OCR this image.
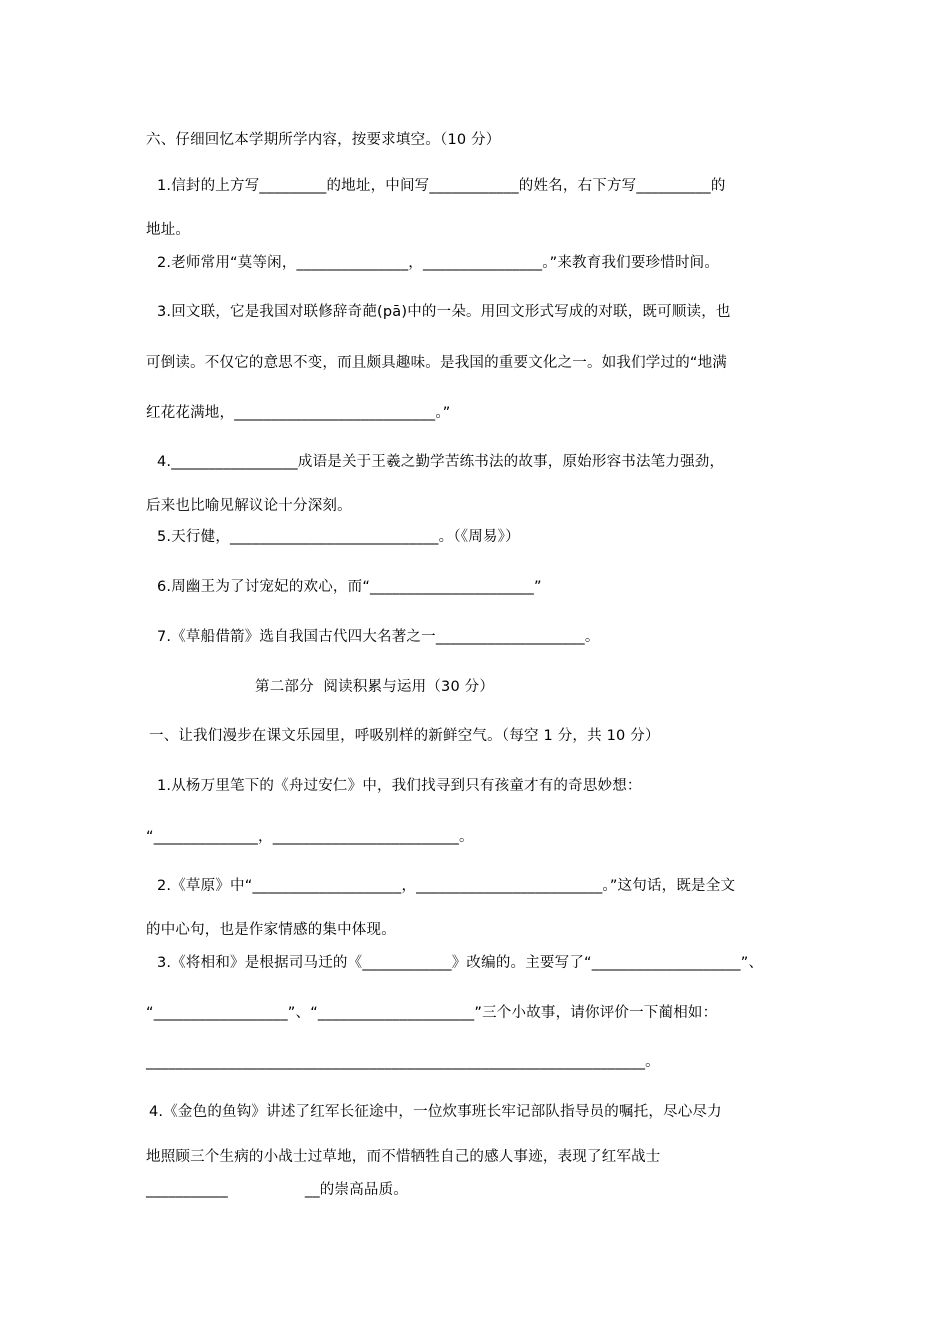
六、仔细回忆本学期所学内容，按要求填空。（10 分）
1.信封的上方写_________的地址，中间写____________的姓名，右下方写__________的
地址。
2.老师常用“莫等闲，_______________，________________。”来教育我们要珍惜时间。
3.回文联，它是我国对联修辞奇葩(pā)中的一朵。用回文形式写成的对联，既可顺读，也
可倒读。不仅它的意思不变，而且颇具趣味。是我国的重要文化之一。如我们学过的“地满
红花花满地，___________________________。”
4._________________成语是关于王羲之勤学苦练书法的故事，原始形容书法笔力强劲，
后来也比喻见解议论十分深刻。
5.天行健，____________________________。（《周易》）
6.周幽王为了讨宠妃的欢心，而“______________________”
7.《草船借箭》选自我国古代四大名著之一____________________。
第二部分  阅读积累与运用（30 分）
一、让我们漫步在课文乐园里，呼吸别样的新鲜空气。（每空 1 分，共 10 分）
1.从杨万里笔下的《舟过安仁》中，我们找寻到只有孩童才有的奇思妙想：
“______________，_________________________。
2.《草原》中“____________________，_________________________。”这句话，既是全文
的中心句，也是作家情感的集中体现。
3.《将相和》是根据司马迁的《____________》改编的。主要写了“____________________”、
“__________________”、“_____________________”三个小故事，请你评价一下蔺相如：
___________________________________________________________________。
4.《金色的鱼钩》讲述了红军长征途中，一位炊事班长牢记部队指导员的嘱托，尽心尽力
地照顾三个生病的小战士过草地，而不惜牺牲自己的感人事迹，表现了红军战士
___________                __的崇高品质。
